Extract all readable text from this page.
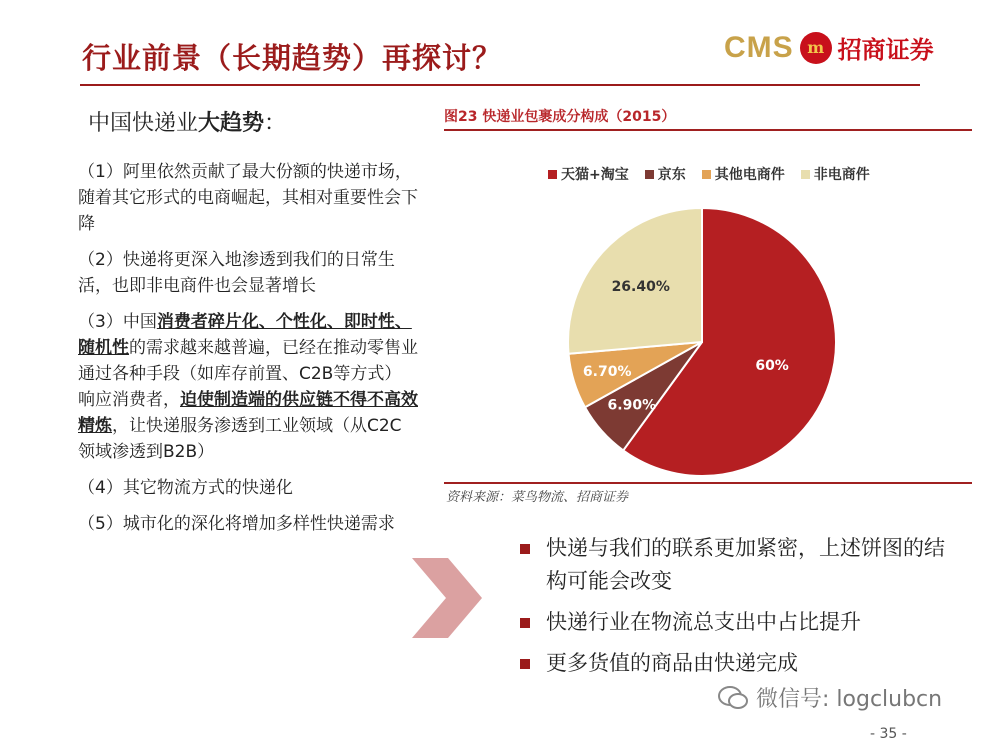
行业前景（长期趋势）再探讨？	CMS m 招商证券
中国快递业大趋势：
（1）阿里依然贡献了最大份额的快递市场，随着其它形式的电商崛起，其相对重要性会下降
（2）快递将更深入地渗透到我们的日常生活，也即非电商件也会显著增长
（3）中国消费者碎片化、个性化、即时性、随机性的需求越来越普遍，已经在推动零售业通过各种手段（如库存前置、C2B等方式）响应消费者，迫使制造端的供应链不得不高效精炼，让快递服务渗透到工业领域（从C2C领域渗透到B2B）
（4）其它物流方式的快递化
（5）城市化的深化将增加多样性快递需求
图23 快递业包裹成分构成（2015）
天猫+淘宝 京东 其他电商件 非电商件
60%
6.90%
6.70%
26.40%
资料来源：菜鸟物流、招商证券
快递与我们的联系更加紧密，上述饼图的结构可能会改变
快递行业在物流总支出中占比提升
更多货值的商品由快递完成
微信号: logclubcn
- 35 -
